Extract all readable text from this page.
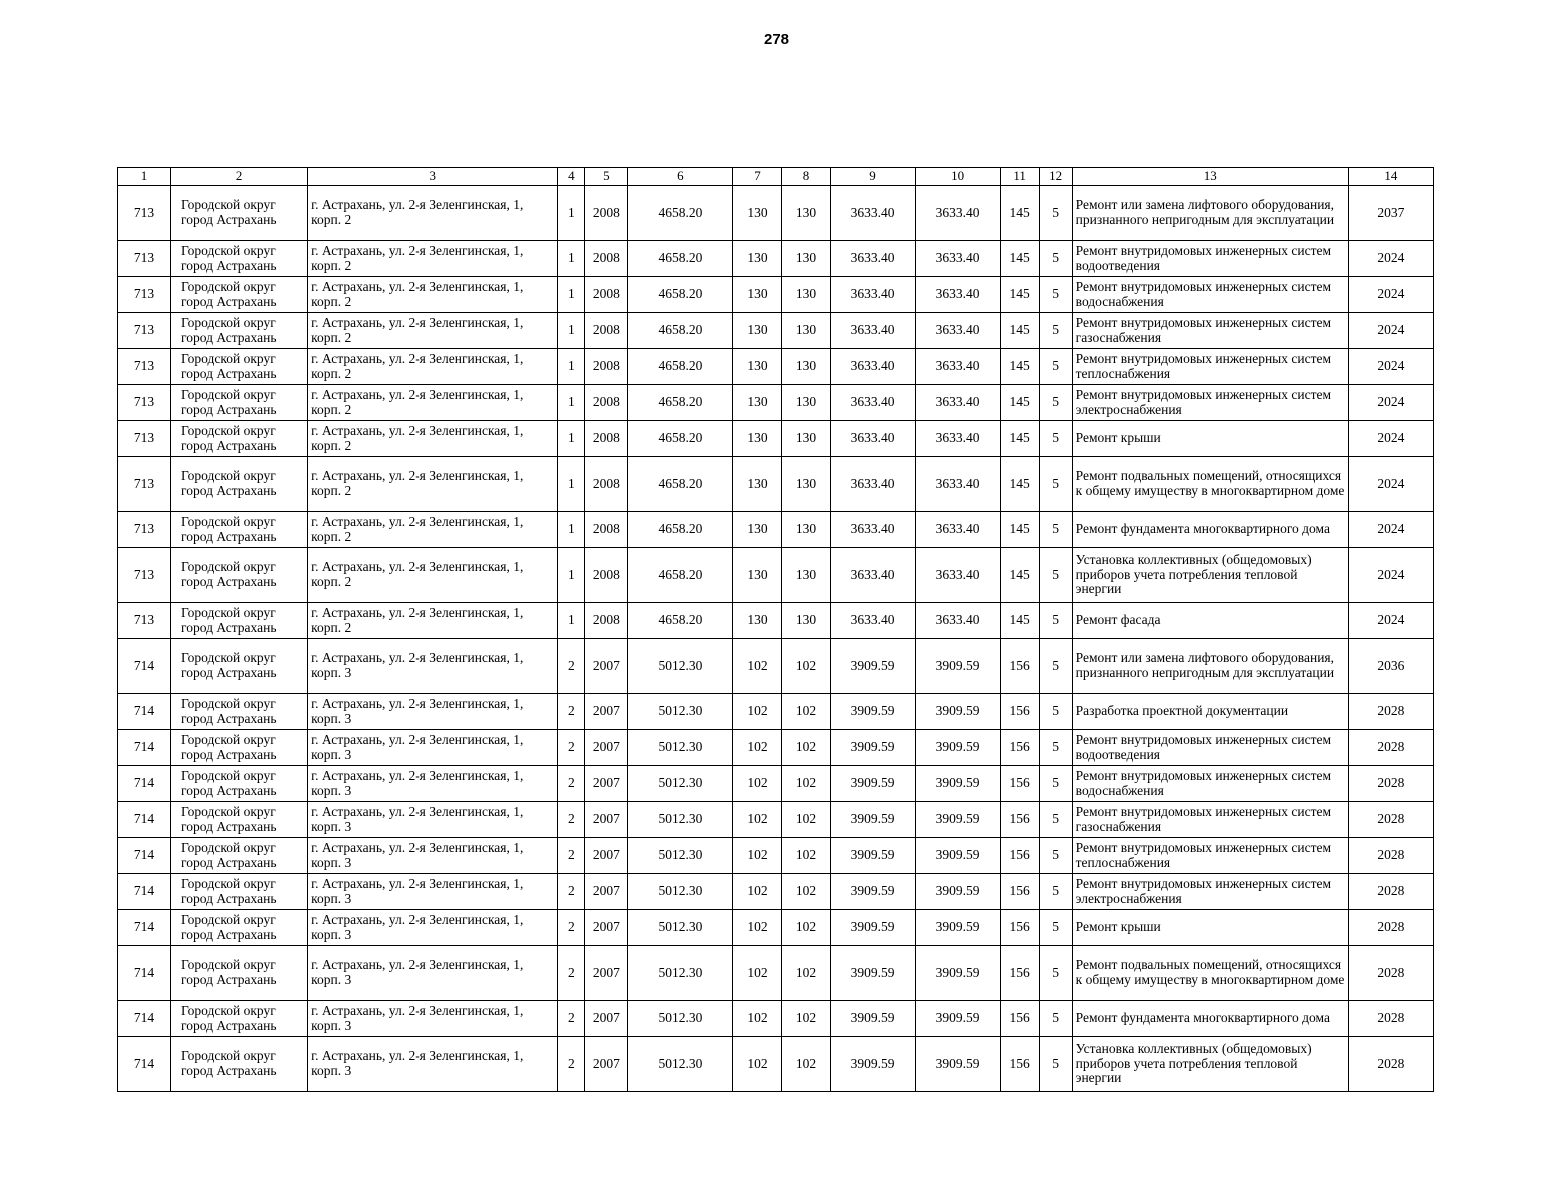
278
1	2	3	4	5	6	7	8	9	10	11	12	13	14
713	Городской округ город Астрахань	г. Астрахань, ул. 2-я Зеленгинская, 1, корп. 2	1	2008	4658.20	130	130	3633.40	3633.40	145	5	Ремонт или замена лифтового оборудования, признанного непригодным для эксплуатации	2037
713	Городской округ город Астрахань	г. Астрахань, ул. 2-я Зеленгинская, 1, корп. 2	1	2008	4658.20	130	130	3633.40	3633.40	145	5	Ремонт внутридомовых инженерных систем водоотведения	2024
713	Городской округ город Астрахань	г. Астрахань, ул. 2-я Зеленгинская, 1, корп. 2	1	2008	4658.20	130	130	3633.40	3633.40	145	5	Ремонт внутридомовых инженерных систем водоснабжения	2024
713	Городской округ город Астрахань	г. Астрахань, ул. 2-я Зеленгинская, 1, корп. 2	1	2008	4658.20	130	130	3633.40	3633.40	145	5	Ремонт внутридомовых инженерных систем газоснабжения	2024
713	Городской округ город Астрахань	г. Астрахань, ул. 2-я Зеленгинская, 1, корп. 2	1	2008	4658.20	130	130	3633.40	3633.40	145	5	Ремонт внутридомовых инженерных систем теплоснабжения	2024
713	Городской округ город Астрахань	г. Астрахань, ул. 2-я Зеленгинская, 1, корп. 2	1	2008	4658.20	130	130	3633.40	3633.40	145	5	Ремонт внутридомовых инженерных систем электроснабжения	2024
713	Городской округ город Астрахань	г. Астрахань, ул. 2-я Зеленгинская, 1, корп. 2	1	2008	4658.20	130	130	3633.40	3633.40	145	5	Ремонт крыши	2024
713	Городской округ город Астрахань	г. Астрахань, ул. 2-я Зеленгинская, 1, корп. 2	1	2008	4658.20	130	130	3633.40	3633.40	145	5	Ремонт подвальных помещений, относящихся к общему имуществу в многоквартирном доме	2024
713	Городской округ город Астрахань	г. Астрахань, ул. 2-я Зеленгинская, 1, корп. 2	1	2008	4658.20	130	130	3633.40	3633.40	145	5	Ремонт фундамента многоквартирного дома	2024
713	Городской округ город Астрахань	г. Астрахань, ул. 2-я Зеленгинская, 1, корп. 2	1	2008	4658.20	130	130	3633.40	3633.40	145	5	Установка коллективных (общедомовых) приборов учета потребления тепловой энергии	2024
713	Городской округ город Астрахань	г. Астрахань, ул. 2-я Зеленгинская, 1, корп. 2	1	2008	4658.20	130	130	3633.40	3633.40	145	5	Ремонт фасада	2024
714	Городской округ город Астрахань	г. Астрахань, ул. 2-я Зеленгинская, 1, корп. 3	2	2007	5012.30	102	102	3909.59	3909.59	156	5	Ремонт или замена лифтового оборудования, признанного непригодным для эксплуатации	2036
714	Городской округ город Астрахань	г. Астрахань, ул. 2-я Зеленгинская, 1, корп. 3	2	2007	5012.30	102	102	3909.59	3909.59	156	5	Разработка проектной документации	2028
714	Городской округ город Астрахань	г. Астрахань, ул. 2-я Зеленгинская, 1, корп. 3	2	2007	5012.30	102	102	3909.59	3909.59	156	5	Ремонт внутридомовых инженерных систем водоотведения	2028
714	Городской округ город Астрахань	г. Астрахань, ул. 2-я Зеленгинская, 1, корп. 3	2	2007	5012.30	102	102	3909.59	3909.59	156	5	Ремонт внутридомовых инженерных систем водоснабжения	2028
714	Городской округ город Астрахань	г. Астрахань, ул. 2-я Зеленгинская, 1, корп. 3	2	2007	5012.30	102	102	3909.59	3909.59	156	5	Ремонт внутридомовых инженерных систем газоснабжения	2028
714	Городской округ город Астрахань	г. Астрахань, ул. 2-я Зеленгинская, 1, корп. 3	2	2007	5012.30	102	102	3909.59	3909.59	156	5	Ремонт внутридомовых инженерных систем теплоснабжения	2028
714	Городской округ город Астрахань	г. Астрахань, ул. 2-я Зеленгинская, 1, корп. 3	2	2007	5012.30	102	102	3909.59	3909.59	156	5	Ремонт внутридомовых инженерных систем электроснабжения	2028
714	Городской округ город Астрахань	г. Астрахань, ул. 2-я Зеленгинская, 1, корп. 3	2	2007	5012.30	102	102	3909.59	3909.59	156	5	Ремонт крыши	2028
714	Городской округ город Астрахань	г. Астрахань, ул. 2-я Зеленгинская, 1, корп. 3	2	2007	5012.30	102	102	3909.59	3909.59	156	5	Ремонт подвальных помещений, относящихся к общему имуществу в многоквартирном доме	2028
714	Городской округ город Астрахань	г. Астрахань, ул. 2-я Зеленгинская, 1, корп. 3	2	2007	5012.30	102	102	3909.59	3909.59	156	5	Ремонт фундамента многоквартирного дома	2028
714	Городской округ город Астрахань	г. Астрахань, ул. 2-я Зеленгинская, 1, корп. 3	2	2007	5012.30	102	102	3909.59	3909.59	156	5	Установка коллективных (общедомовых) приборов учета потребления тепловой энергии	2028
